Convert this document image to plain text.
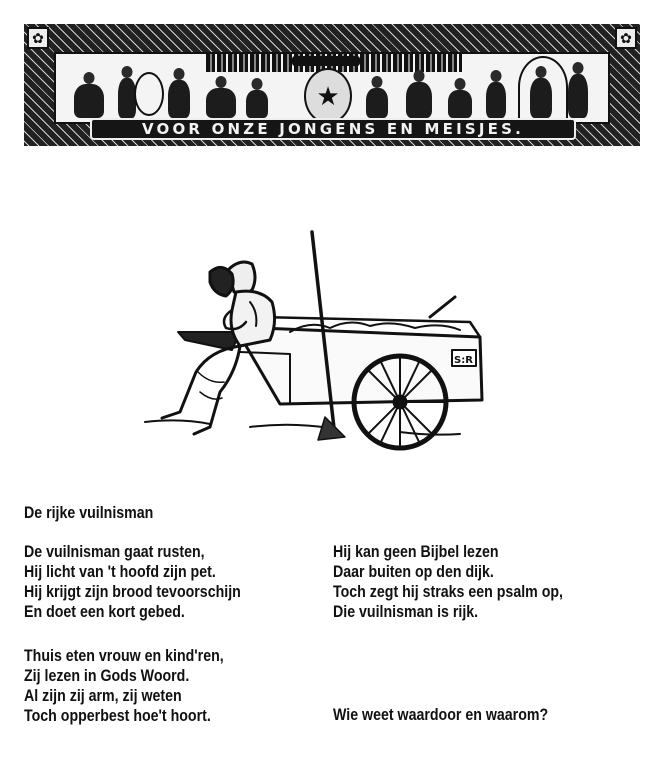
✿	✿
★
VOOR ONZE JONGENS EN MEISJES.
S:R
De rijke vuilnisman
De vuilnisman gaat rusten,
Hij licht van 't hoofd zijn pet.
Hij krijgt zijn brood tevoorschijn
En doet een kort gebed.
Hij kan geen Bijbel lezen
Daar buiten op den dijk.
Toch zegt hij straks een psalm op,
Die vuilnisman is rijk.
Thuis eten vrouw en kind'ren,
Zij lezen in Gods Woord.
Al zijn zij arm, zij weten
Toch opperbest hoe't hoort.	Wie weet waardoor en waarom?
